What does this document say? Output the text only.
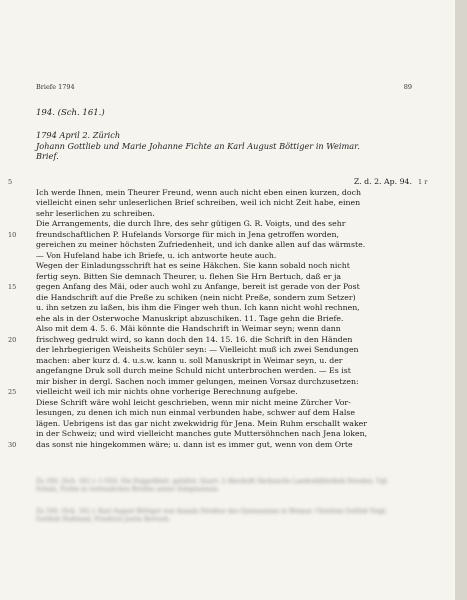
Briefe 1794	89
194. (Sch. 161.)
1794 April 2. Zürich
Johann Gottlieb und Marie Johanne Fichte an Karl August Böttiger in Weimar.
Brief.
5	Z. d. 2. Ap. 94. 1 r
Ich werde Ihnen, mein Theurer Freund, wenn auch nicht eben einen kurzen, doch
vielleicht einen sehr unleserlichen Brief schreiben, weil ich nicht Zeit habe, einen
sehr leserlichen zu schreiben.
Die Arrangements, die durch Ihre, des sehr gütigen G. R. Voigts, und des sehr
10	freundschaftlichen P. Hufelands Vorsorge für mich in Jena getroffen worden,
gereichen zu meiner höchsten Zufriedenheit, und ich danke allen auf das wärmste.
— Von Hufeland habe ich Briefe, u. ich antworte heute auch.
Wegen der Einladungsschrift hat es seine Häkchen. Sie kann sobald noch nicht
fertig seyn. Bitten Sie demnach Theurer, u. flehen Sie Hrn Bertuch, daß er ja
15	gegen Anfang des Mäi, oder auch wohl zu Anfange, bereit ist gerade von der Post
die Handschrift auf die Preße zu schiken (nein nicht Preße, sondern zum Setzer)
u. ihn setzen zu laßen, bis ihm die Finger weh thun. Ich kann nicht wohl rechnen,
ehe als in der Osterwoche Manuskript abzuschiken. 11. Tage gehn die Briefe.
Also mit dem 4. 5. 6. Mäi könnte die Handschrift in Weimar seyn; wenn dann
20	frischweg gedrukt wird, so kann doch den 14. 15. 16. die Schrift in den Händen
der lehrbegierigen Weisheits Schüler seyn: — Vielleicht muß ich zwei Sendungen
machen: aber kurz d. 4. u.s.w. kann u. soll Manuskript in Weimar seyn, u. der
angefangne Druk soll durch meine Schuld nicht unterbrochen werden. — Es ist
mir bisher in dergl. Sachen noch immer gelungen, meinen Vorsaz durchzusetzen:
25	vielleicht weil ich mir nichts ohne vorherige Berechnung aufgebe.
Diese Schrift wäre wohl leicht geschrieben, wenn mir nicht meine Zürcher Vor-
lesungen, zu denen ich mich nun einmal verbunden habe, schwer auf dem Halse
lägen. Uebrigens ist das gar nicht zwekwidrig für Jena. Mein Ruhm erschallt waker
in der Schweiz; und wird vielleicht manches gute Muttersöhnchen nach Jena loken,
30	das sonst nie hingekommen wäre; u. dann ist es immer gut, wenn von dem Orte
Zu 194. (Sch. 161.): 1 GSA. Ein Doppelblatt, gefaltet, Quart. 2 Abschrift Sächsische Landesbibliothek Dresden. Vgl. Schulz, Fichte in vertraulichen Briefen seiner Zeitgenossen.
Zu 194. (Sch. 161.): Karl August Böttiger war damals Direktor des Gymnasiums in Weimar. Christian Gottlob Voigt, Gottlieb Hufeland, Friedrich Justin Bertuch.
